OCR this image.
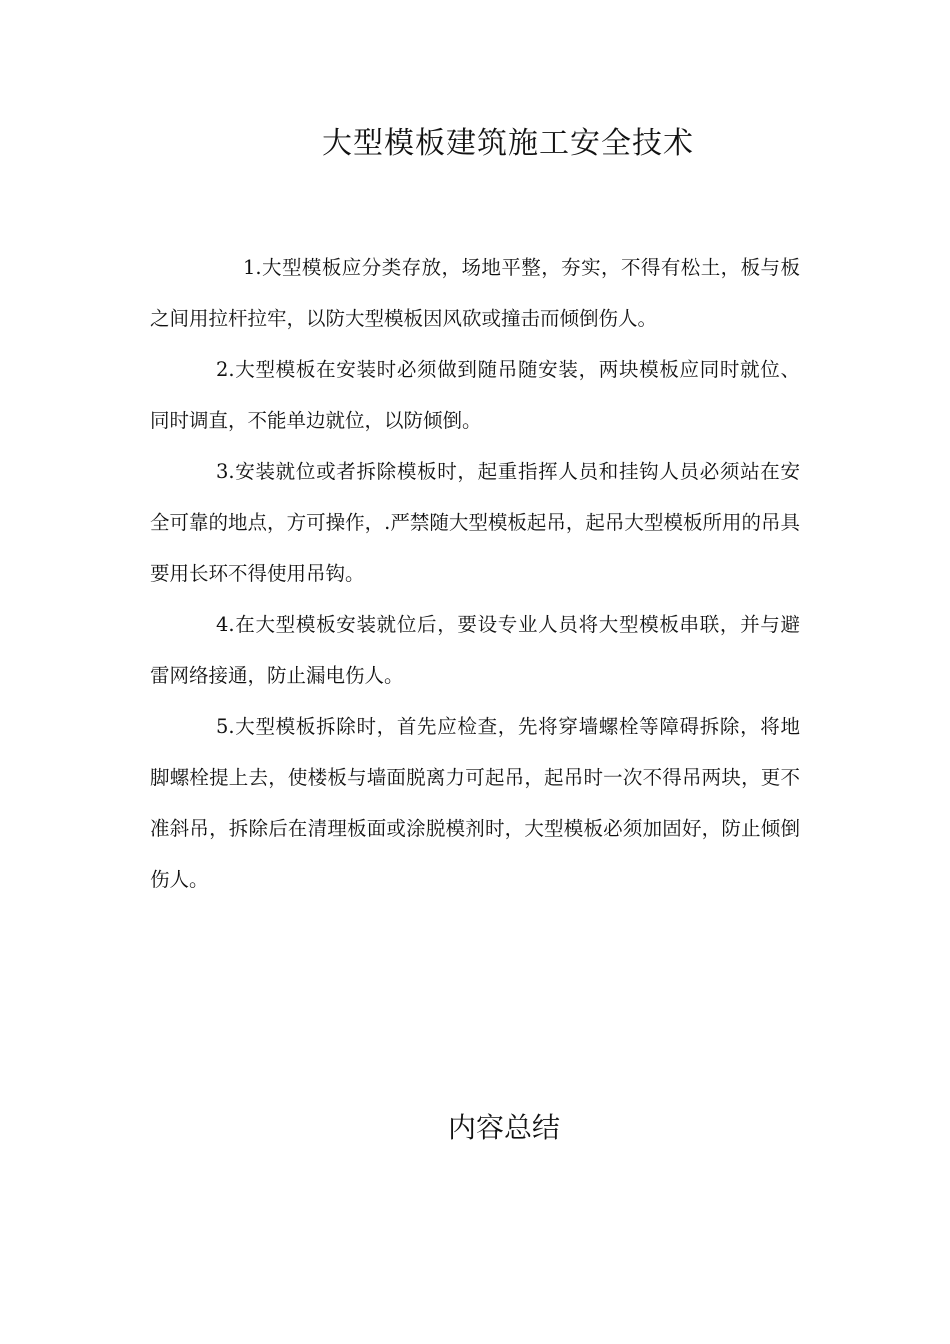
大型模板建筑施工安全技术

1.大型模板应分类存放，场地平整，夯实，不得有松土，板与板之间用拉杆拉牢，以防大型模板因风砍或撞击而倾倒伤人。

2.大型模板在安装时必须做到随吊随安装，两块模板应同时就位、同时调直，不能单边就位，以防倾倒。

3.安装就位或者拆除模板时，起重指挥人员和挂钩人员必须站在安全可靠的地点，方可操作，.严禁随大型模板起吊，起吊大型模板所用的吊具要用长环不得使用吊钩。

4.在大型模板安装就位后，要设专业人员将大型模板串联，并与避雷网络接通，防止漏电伤人。

5.大型模板拆除时，首先应检查，先将穿墙螺栓等障碍拆除，将地脚螺栓提上去，使楼板与墙面脱离力可起吊，起吊时一次不得吊两块，更不准斜吊，拆除后在清理板面或涂脱模剂时，大型模板必须加固好，防止倾倒伤人。

内容总结
